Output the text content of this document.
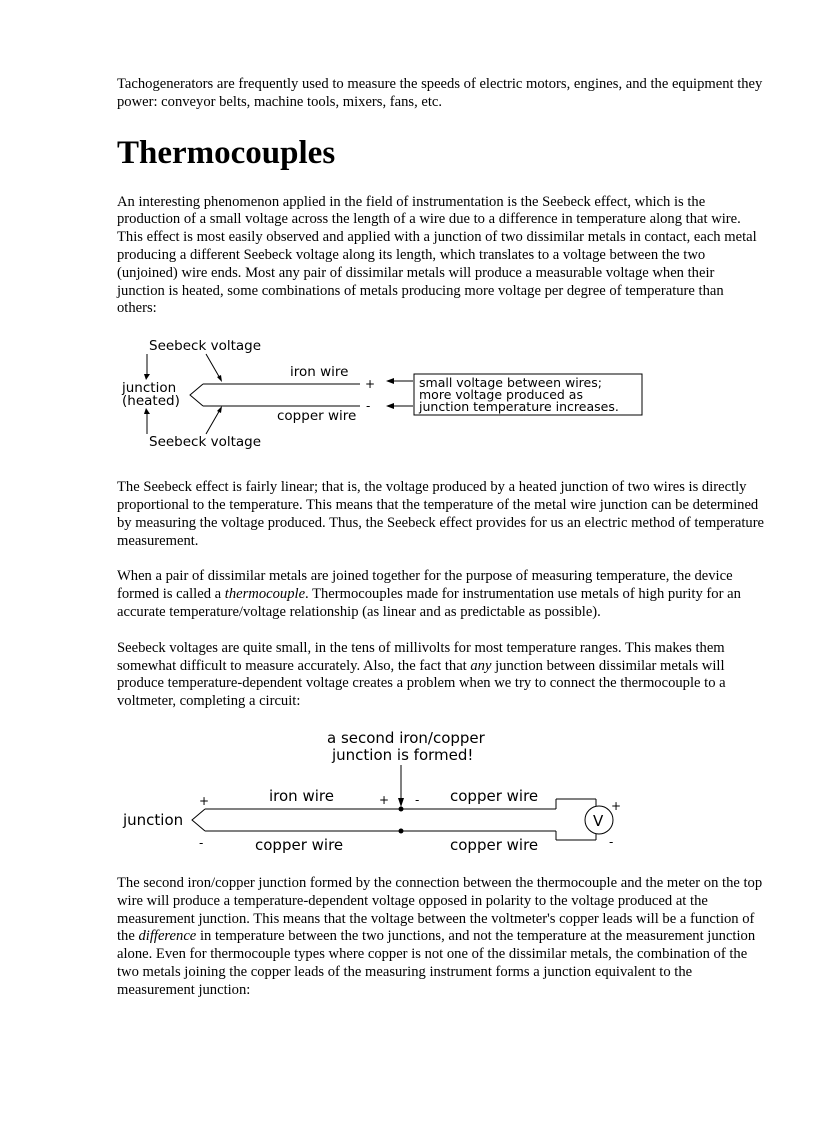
Tachogenerators are frequently used to measure the speeds of electric motors, engines, and the equipment they power: conveyor belts, machine tools, mixers, fans, etc.

Thermocouples

An interesting phenomenon applied in the field of instrumentation is the Seebeck effect, which is the production of a small voltage across the length of a wire due to a difference in temperature along that wire. This effect is most easily observed and applied with a junction of two dissimilar metals in contact, each metal producing a different Seebeck voltage along its length, which translates to a voltage between the two (unjoined) wire ends. Most any pair of dissimilar metals will produce a measurable voltage when their junction is heated, some combinations of metals producing more voltage per degree of temperature than others:

Seebeck voltage
junction
(heated)
iron wire
copper wire
+
-
small voltage between wires;
more voltage produced as
junction temperature increases.
Seebeck voltage

The Seebeck effect is fairly linear; that is, the voltage produced by a heated junction of two wires is directly proportional to the temperature. This means that the temperature of the metal wire junction can be determined by measuring the voltage produced. Thus, the Seebeck effect provides for us an electric method of temperature measurement.

When a pair of dissimilar metals are joined together for the purpose of measuring temperature, the device formed is called a thermocouple. Thermocouples made for instrumentation use metals of high purity for an accurate temperature/voltage relationship (as linear and as predictable as possible).

Seebeck voltages are quite small, in the tens of millivolts for most temperature ranges. This makes them somewhat difficult to measure accurately. Also, the fact that any junction between dissimilar metals will produce temperature-dependent voltage creates a problem when we try to connect the thermocouple to a voltmeter, completing a circuit:

a second iron/copper
junction is formed!
junction
+
-
iron wire	+ - copper wire
copper wire	copper wire
+
-
V

The second iron/copper junction formed by the connection between the thermocouple and the meter on the top wire will produce a temperature-dependent voltage opposed in polarity to the voltage produced at the measurement junction. This means that the voltage between the voltmeter's copper leads will be a function of the difference in temperature between the two junctions, and not the temperature at the measurement junction alone. Even for thermocouple types where copper is not one of the dissimilar metals, the combination of the two metals joining the copper leads of the measuring instrument forms a junction equivalent to the measurement junction:
